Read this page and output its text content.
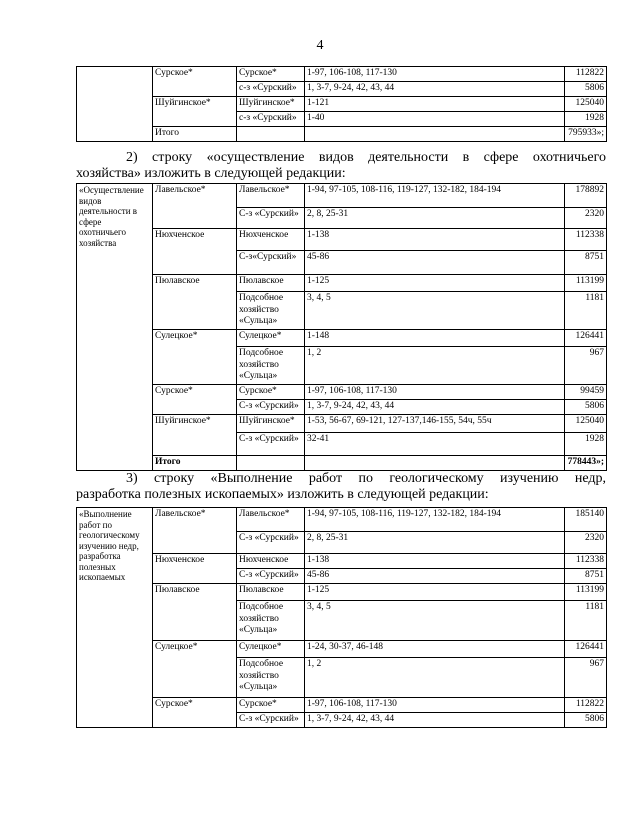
4
	Сурское*	Сурское*	1-97, 106-108, 117-130	112822
		с-з «Сурский»	1, 3-7, 9-24, 42, 43, 44	5806
	Шуйгинское*	Шуйгинское*	1-121	125040
		с-з «Сурский»	1-40	1928
	Итого			795933»;
2) строку «осуществление видов деятельности в сфере охотничьего
хозяйства» изложить в следующей редакции:
«Осуществление видов деятельности в сфере охотничьего хозяйства	Лавельское*	Лавельское*	1-94, 97-105, 108-116, 119-127, 132-182, 184-194	178892
		С-з «Сурский»	2, 8, 25-31	2320
	Нюхченское	Нюхченское	1-138	112338
		С-з«Сурский»	45-86	8751
	Пюлавское	Пюлавское	1-125	113199
		Подсобное хозяйство «Сульца»	3, 4, 5	1181
	Сулецкое*	Сулецкое*	1-148	126441
		Подсобное хозяйство «Сульца»	1, 2	967
	Сурское*	Сурское*	1-97, 106-108, 117-130	99459
		С-з «Сурский»	1, 3-7, 9-24, 42, 43, 44	5806
	Шуйгинское*	Шуйгинское*	1-53, 56-67, 69-121, 127-137,146-155, 54ч, 55ч	125040
		С-з «Сурский»	32-41	1928
	Итого			778443»;
3) строку «Выполнение работ по геологическому изучению недр,
разработка полезных ископаемых» изложить в следующей редакции:
«Выполнение работ по геологическому изучению недр, разработка полезных ископаемых	Лавельское*	Лавельское*	1-94, 97-105, 108-116, 119-127, 132-182, 184-194	185140
		С-з «Сурский»	2, 8, 25-31	2320
	Нюхченское	Нюхченское	1-138	112338
		С-з «Сурский»	45-86	8751
	Пюлавское	Пюлавское	1-125	113199
		Подсобное хозяйство «Сульца»	3, 4, 5	1181
	Сулецкое*	Сулецкое*	1-24, 30-37, 46-148	126441
		Подсобное хозяйство «Сульца»	1, 2	967
	Сурское*	Сурское*	1-97, 106-108, 117-130	112822
		С-з «Сурский»	1, 3-7, 9-24, 42, 43, 44	5806
